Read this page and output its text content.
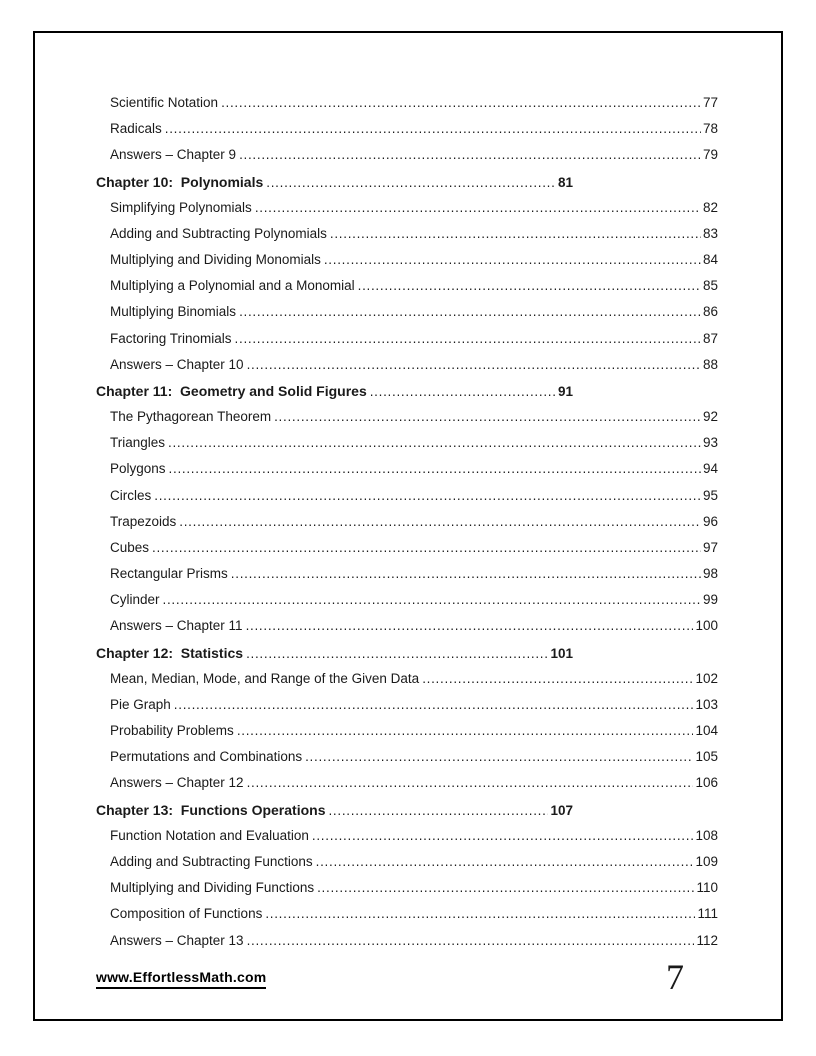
Scientific Notation .....	77
Radicals .....	78
Answers – Chapter 9 .....	79
Chapter 10:  Polynomials .....	81
Simplifying Polynomials .....	82
Adding and Subtracting Polynomials .....	83
Multiplying and Dividing Monomials .....	84
Multiplying a Polynomial and a Monomial .....	85
Multiplying Binomials .....	86
Factoring Trinomials .....	87
Answers – Chapter 10 .....	88
Chapter 11:  Geometry and Solid Figures .....	91
The Pythagorean Theorem .....	92
Triangles .....	93
Polygons .....	94
Circles .....	95
Trapezoids .....	96
Cubes .....	97
Rectangular Prisms .....	98
Cylinder .....	99
Answers – Chapter 11 .....	100
Chapter 12:  Statistics .....	101
Mean, Median, Mode, and Range of the Given Data .....	102
Pie Graph .....	103
Probability Problems .....	104
Permutations and Combinations .....	105
Answers – Chapter 12 .....	106
Chapter 13:  Functions Operations .....	107
Function Notation and Evaluation .....	108
Adding and Subtracting Functions .....	109
Multiplying and Dividing Functions .....	110
Composition of Functions .....	111
Answers – Chapter 13 .....	112
www.EffortlessMath.com	7
